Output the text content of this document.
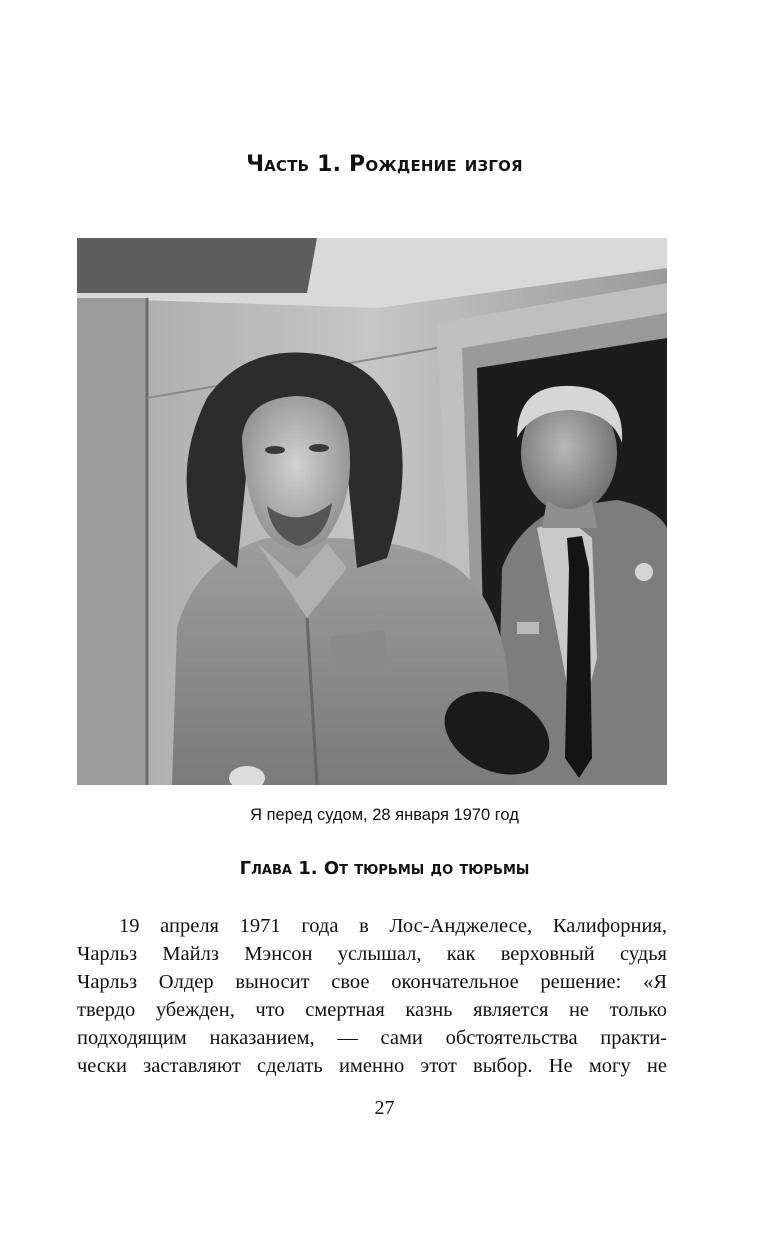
Часть 1. Рождение изгоя

Я перед судом, 28 января 1970 год

Глава 1. От тюрьмы до тюрьмы
19 апреля 1971 года в Лос-Анджелесе, Калифорния,
Чарльз Майлз Мэнсон услышал, как верховный судья
Чарльз Олдер выносит свое окончательное решение: «Я
твердо убежден, что смертная казнь является не только
подходящим наказанием, — сами обстоятельства практи-
чески заставляют сделать именно этот выбор. Не могу не
27
